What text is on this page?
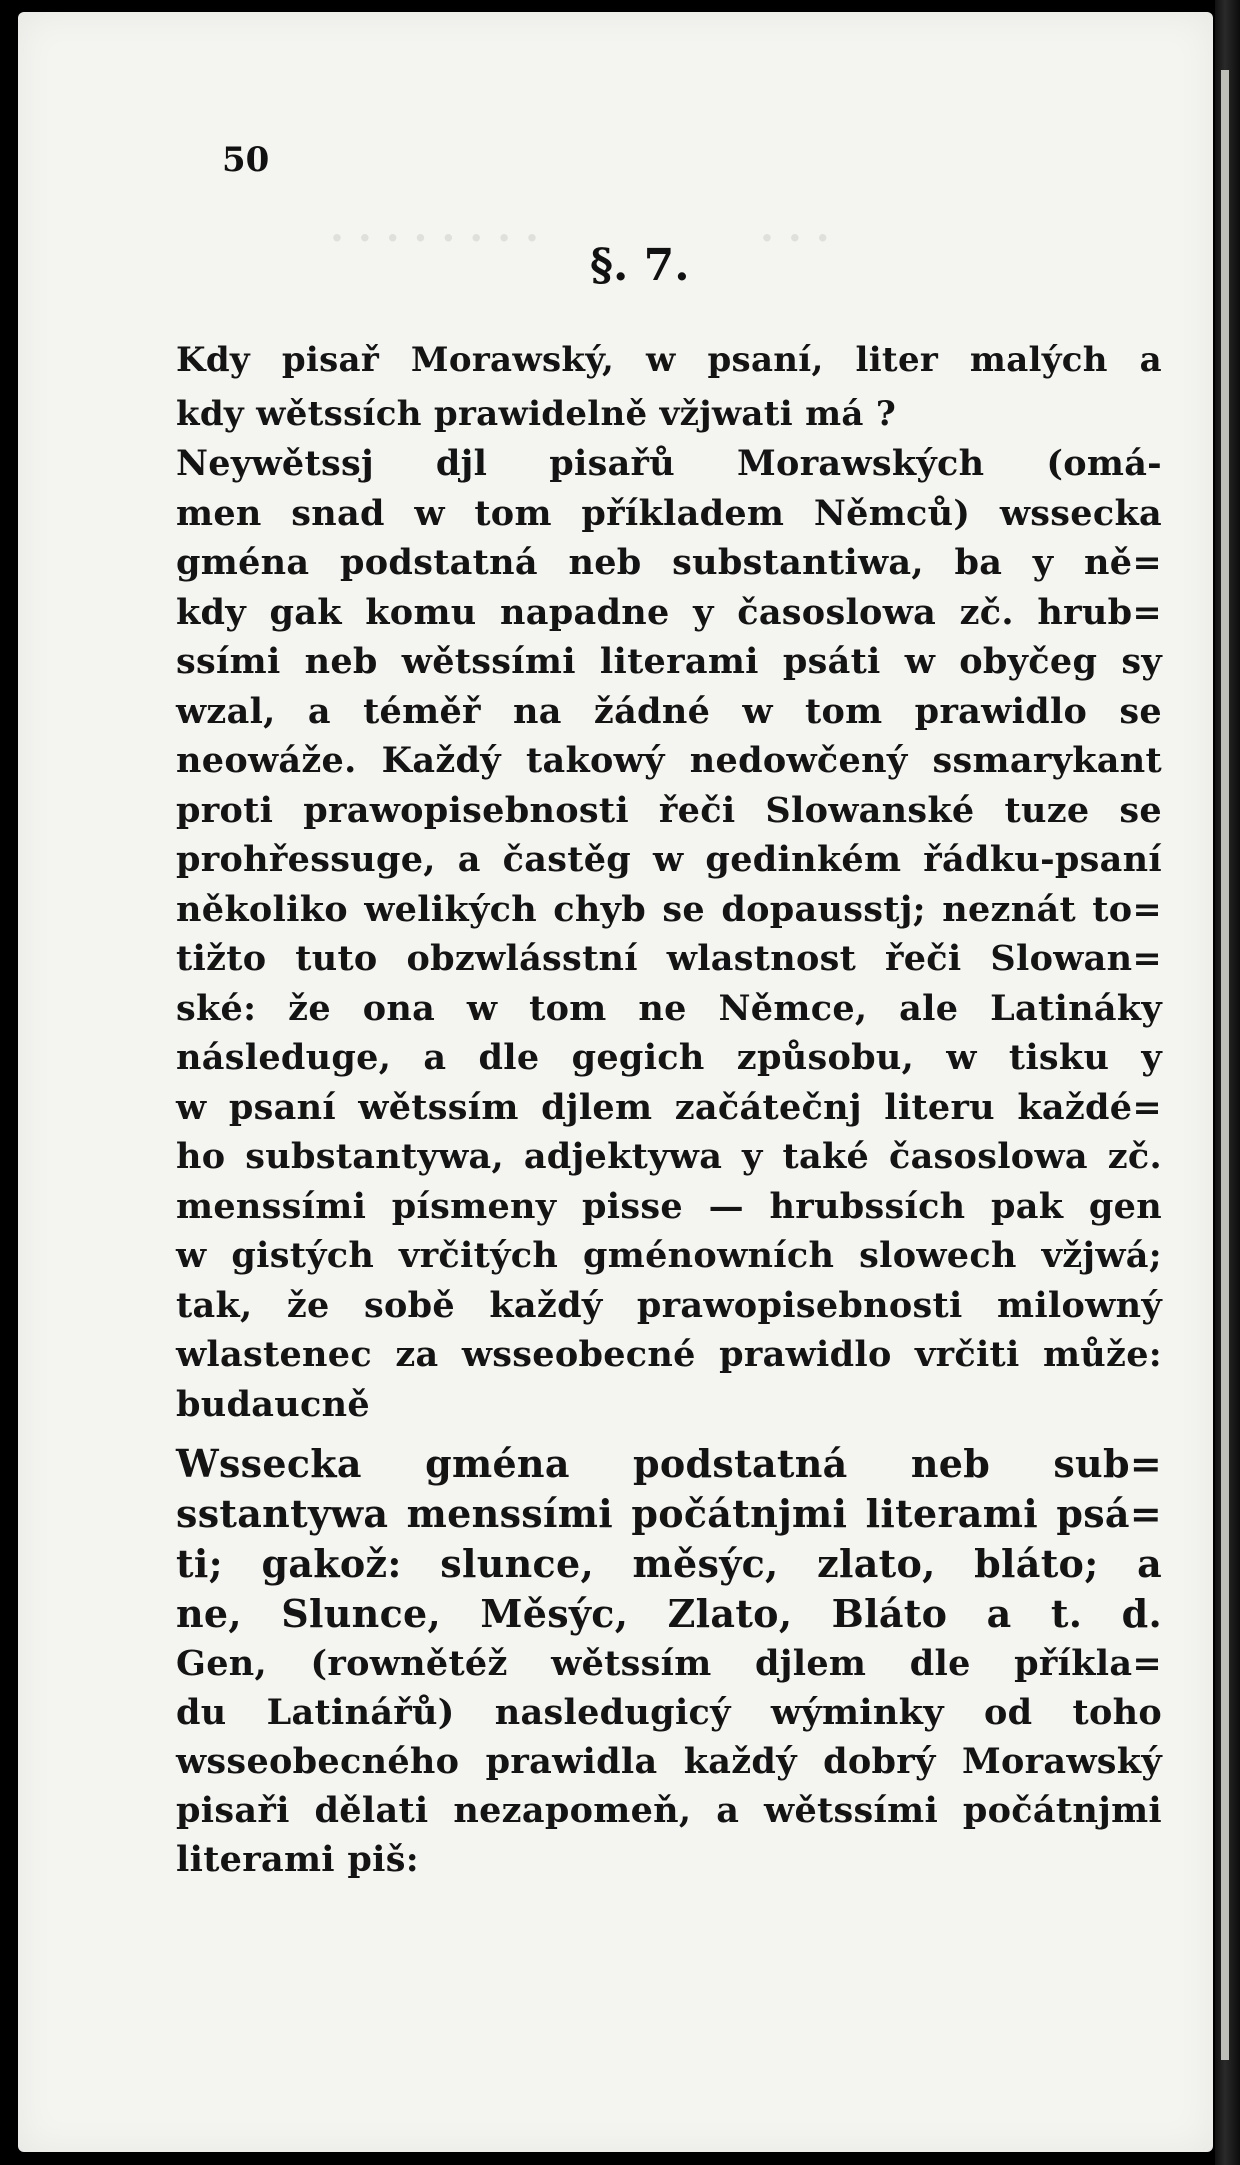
· · · · · · · ·	· · ·
50
§. 7.
Kdy pisař Morawský, w psaní, liter malých a
kdy wětssích prawidelně vžjwati má ?
Neywětssj djl pisařů Morawských (omá-
men snad w tom příkladem Němců) wssecka
gména podstatná neb substantiwa, ba y ně=
kdy gak komu napadne y časoslowa zč. hrub=
ssími neb wětssími literami psáti w obyčeg sy
wzal, a téměř na žádné w tom prawidlo se
neowáže. Každý takowý nedowčený ssmarykant
proti prawopisebnosti řeči Slowanské tuze se
prohřessuge, a častěg w gedinkém řádku-psaní
několiko welikých chyb se dopausstj; neznát to=
tižto tuto obzwlásstní wlastnost řeči Slowan=
ské: že ona w tom ne Němce, ale Latináky
následuge, a dle gegich způsobu, w tisku y
w psaní wětssím djlem začátečnj literu každé=
ho substantywa, adjektywa y také časoslowa zč.
menssími písmeny pisse — hrubssích pak gen
w gistých vrčitých gménowních slowech vžjwá;
tak, že sobě každý prawopisebnosti milowný
wlastenec za wsseobecné prawidlo vrčiti může:
budaucně
Wssecka gména podstatná neb sub=
sstantywa menssími počátnjmi literami psá=
ti; gakož: slunce, měsýc, zlato, bláto; a
ne, Slunce, Měsýc, Zlato, Bláto a t. d.
Gen, (rownětéž wětssím djlem dle příkla=
du Latinářů) nasledugicý wýminky od toho
wsseobecného prawidla každý dobrý Morawský
pisaři dělati nezapomeň, a wětssími počátnjmi
literami piš:
